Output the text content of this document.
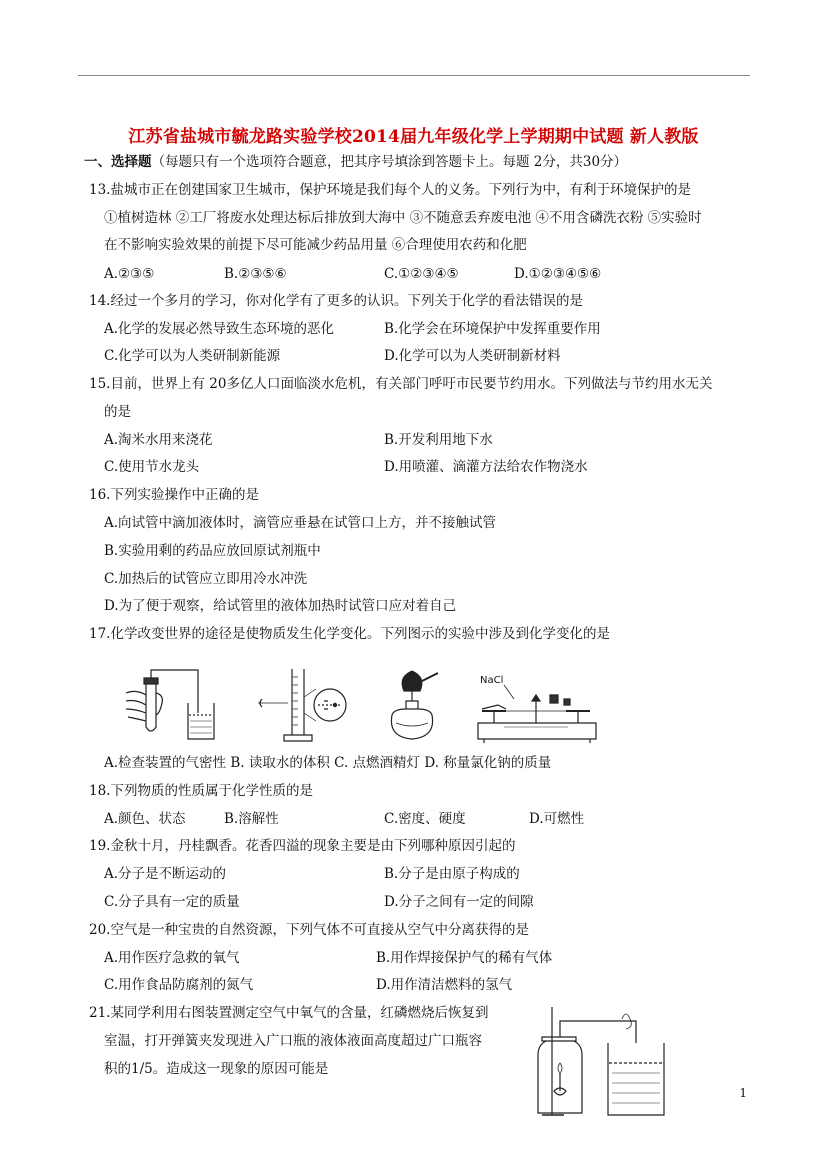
江苏省盐城市毓龙路实验学校2014届九年级化学上学期期中试题 新人教版
一、选择题（每题只有一个选项符合题意，把其序号填涂到答题卡上。每题 2分，共30分）
13.盐城市正在创建国家卫生城市，保护环境是我们每个人的义务。下列行为中，有利于环境保护的是
①植树造林 ②工厂将废水处理达标后排放到大海中 ③不随意丢弃废电池 ④不用含磷洗衣粉 ⑤实验时
在不影响实验效果的前提下尽可能减少药品用量 ⑥合理使用农药和化肥
A.②③⑤	B.②③⑤⑥	C.①②③④⑤	D.①②③④⑤⑥
14.经过一个多月的学习，你对化学有了更多的认识。下列关于化学的看法错误的是
A.化学的发展必然导致生态环境的恶化	B.化学会在环境保护中发挥重要作用
C.化学可以为人类研制新能源	D.化学可以为人类研制新材料
15.目前，世界上有 20多亿人口面临淡水危机，有关部门呼吁市民要节约用水。下列做法与节约用水无关
的是
A.淘米水用来浇花	B.开发利用地下水
C.使用节水龙头	D.用喷灌、滴灌方法给农作物浇水
16.下列实验操作中正确的是
A.向试管中滴加液体时，滴管应垂悬在试管口上方，并不接触试管
B.实验用剩的药品应放回原试剂瓶中
C.加热后的试管应立即用冷水冲洗
D.为了便于观察，给试管里的液体加热时试管口应对着自己
17.化学改变世界的途径是使物质发生化学变化。下列图示的实验中涉及到化学变化的是
NaCl
A.检查装置的气密性 B. 读取水的体积 C. 点燃酒精灯 D. 称量氯化钠的质量
18.下列物质的性质属于化学性质的是
A.颜色、状态	B.溶解性	C.密度、硬度	D.可燃性
19.金秋十月，丹桂飘香。花香四溢的现象主要是由下列哪种原因引起的
A.分子是不断运动的	B.分子是由原子构成的
C.分子具有一定的质量	D.分子之间有一定的间隙
20.空气是一种宝贵的自然资源，下列气体不可直接从空气中分离获得的是
A.用作医疗急救的氧气	B.用作焊接保护气的稀有气体
C.用作食品防腐剂的氮气	D.用作清洁燃料的氢气
21.某同学利用右图装置测定空气中氧气的含量，红磷燃烧后恢复到
室温，打开弹簧夹发现进入广口瓶的液体液面高度超过广口瓶容
积的1/5。造成这一现象的原因可能是
1
